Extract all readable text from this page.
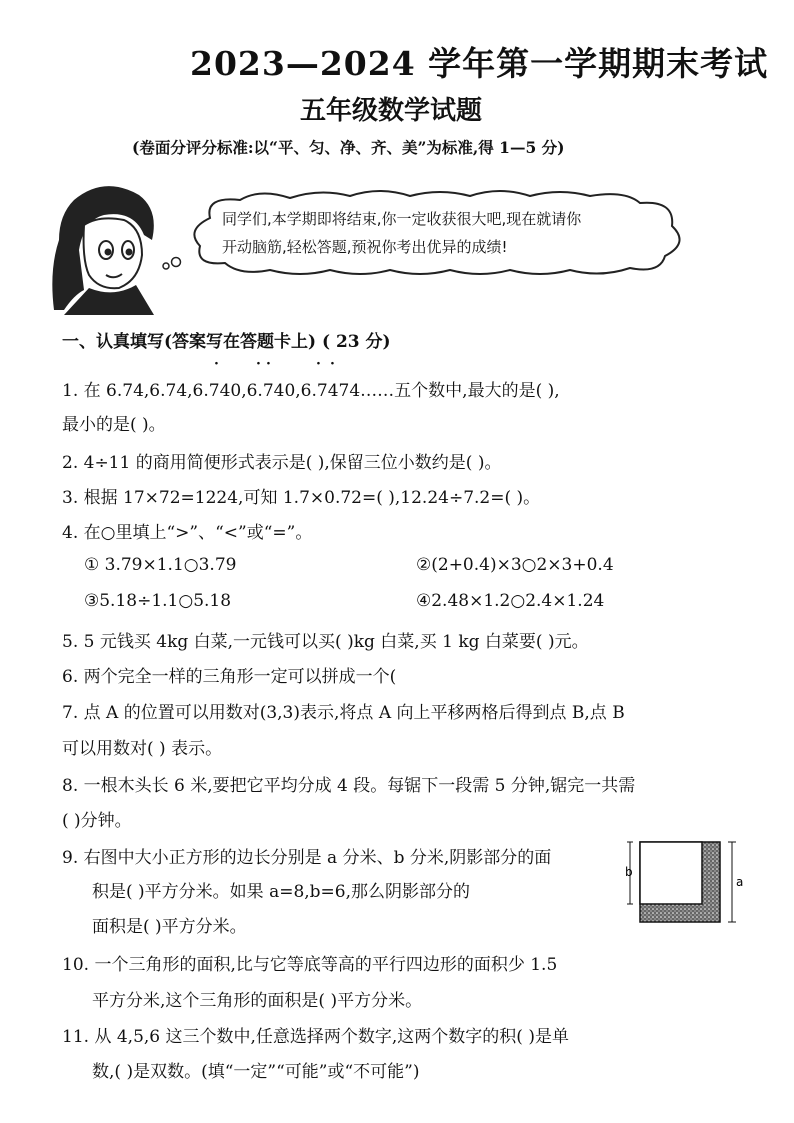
2023—2024 学年第一学期期末考试
五年级数学试题
(卷面分评分标准:以“平、匀、净、齐、美”为标准,得 1—5 分)
同学们,本学期即将结束,你一定收获很大吧,现在就请你
开动脑筋,轻松答题,预祝你考出优异的成绩!
一、认真填写(答案写在答题卡上) ( 23 分)
·	· ·	· ·
1. 在 6.74,6.74,6.740,6.740,6.7474……五个数中,最大的是( ),
最小的是( )。
2. 4÷11 的商用简便形式表示是( ),保留三位小数约是( )。
3. 根据 17×72=1224,可知 1.7×0.72=( ),12.24÷7.2=( )。
4. 在○里填上“>”、“<”或“=”。
① 3.79×1.1○3.79	②(2+0.4)×3○2×3+0.4
③5.18÷1.1○5.18	④2.48×1.2○2.4×1.24
5. 5 元钱买 4kg 白菜,一元钱可以买( )kg 白菜,买 1 kg 白菜要( )元。
6. 两个完全一样的三角形一定可以拼成一个(
7. 点 A 的位置可以用数对(3,3)表示,将点 A 向上平移两格后得到点 B,点 B
可以用数对( ) 表示。
8. 一根木头长 6 米,要把它平均分成 4 段。每锯下一段需 5 分钟,锯完一共需
( )分钟。
9. 右图中大小正方形的边长分别是 a 分米、b 分米,阴影部分的面
积是( )平方分米。如果 a=8,b=6,那么阴影部分的
面积是( )平方分米。
10. 一个三角形的面积,比与它等底等高的平行四边形的面积少 1.5
平方分米,这个三角形的面积是( )平方分米。
11. 从 4,5,6 这三个数中,任意选择两个数字,这两个数字的积( )是单
数,( )是双数。(填“一定”“可能”或“不可能”)
b
a
